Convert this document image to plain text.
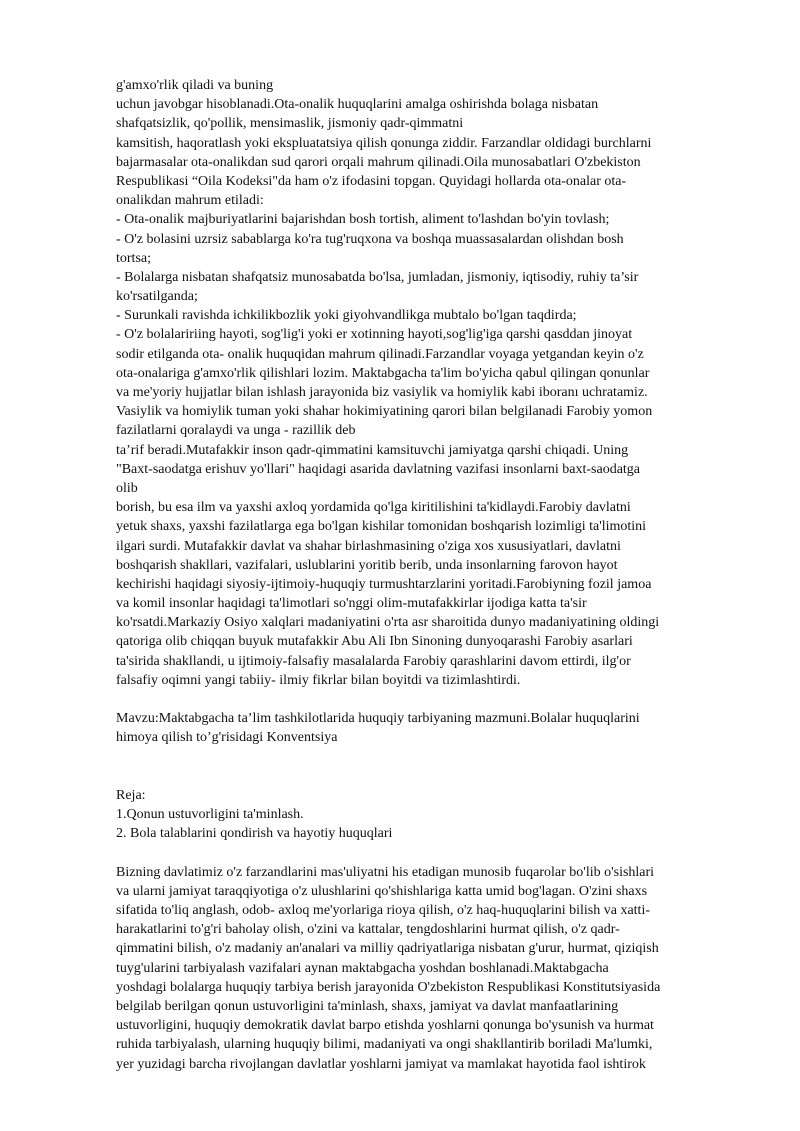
g'amxo'rlik qiladi va buning
uchun javobgar hisoblanadi.Ota-onalik huquqlarini amalga oshirishda bolaga nisbatan
shafqatsizlik, qo'pollik, mensimaslik, jismoniy qadr-qimmatni
kamsitish, haqoratlash yoki ekspluatatsiya qilish qonunga zid​dir. Farzandlar oldidagi burchlarni
bajarmasalar ota-onalikdan sud qarori orqali mahrum qilinadi.Oila munosabatlari O'zbekiston
Respublikasi “Oila Kodeksi"da ham o'z ifodasini topgan. Quyidagi hollarda ota-onalar ota-
onalikdan mahrum etiladi:
- Ota-onalik majburiyatlarini bajarishdan bosh tortish, aliment to'lashdan bo'yin tovlash;
- O'z bolasini uzrsiz sabablarga ko'ra tug'ruqxona va boshqa muassasalardan olishdan bosh
tortsa;
- Bolalarga nisbatan shafqatsiz munosabatda bo'lsa, jumladan, jismoniy, iqtisodiy, ruhiy ta’sir
ko'rsatilganda;
- Surunkali ravishda ichkilikbozlik yoki giyohvandlikga mubtalo bo'lgan taqdirda;
- O'z bolalaririing hayoti, sog'lig'i yoki er xotinning hayoti,sog'lig'iga qarshi qasddan jinoyat
sodir etilganda ota- onalik huquqidan mahrum qilinadi.Farzandlar voyaga yetgandan keyin o'z
ota-onalariga g'amxo'rlik qilishlari lozim. Maktabgacha ta'lim bo'yicha qabul qilingan qonunlar
va me'yoriy hujjatlar bilan ishlash jarayonida biz vasiylik va homiylik kabi iboranı uchratamiz.
Vasiylik va homiylik tuman yoki shahar hokimiyatining qarori bilan belgilanadi Farobiy yomon
fazilatlarni qoralaydi va unga - razillik deb
ta’rif beradi.Mutafakkir inson qadr-qimmatini kamsituvchi jamiyatga qarshi chiqadi. Uning
"Baxt-saodatga erishuv yo'llari" haqidagi asarida davlatning vazifasi insonlarni baxt-saodatga
olib
borish, bu esa ilm va yaxshi axloq yordamida qo'lga kiritilishini ta'kidlaydi.Farobiy davlatni
yetuk shaxs, yaxshi fazilatlarga ega bo'lgan kishilar tomonidan boshqarish lozimligi ta'limotini
ilgari surdi. Mutafakkir davlat va shahar birlashmasining o'ziga xos xususiyatlari, davlatni
boshqarish shakllari, vazifalari, uslublarini yoritib berib, unda insonlarning farovon hayot
kechirishi haqidagi siyosiy-ijtimoiy-huquqiy turmushtarzlarini yoritadi.Farobiyning fozil jamoa
va komil insonlar haqidagi ta'limotlari so'nggi olim-mutafakkirlar ijodiga katta ta'sir
ko'rsatdi.Markaziy Osiyo xalqlari madaniyatini o'rta asr sharoitida dunyo madaniyatining oldingi
qatoriga olib chiqqan buyuk mutafakkir Abu Ali Ibn Sinoning dunyoqarashi Farobiy asarlari
ta'sirida shakllandi, u ijtimoiy-falsafiy masalalarda Farobiy qarashlarini davom ettirdi, ilg'or
falsafiy oqimni yangi tabiiy- ilmiy fikrlar bilan boyitdi va tizimlashtirdi.
Mavzu:Maktabgacha ta’lim tashkilotlarida huquqiy tarbiyaning mazmuni.Bolalar huquqlarini
himoya qilish to’g'risidagi Konventsiya
Reja:
1.Qonun ustuvorligini ta'minlash.
2. Bola talablarini qondirish va hayotiy huquqlari
Bizning davlatimiz o'z farzandlarini mas'uliyatni his etadigan munosib fuqarolar bo'lib o'sishlari
va ularni jamiyat taraqqiyotiga o'z ulushlarini qo'shishlariga katta umid bog'lagan. O'zini shaxs
sifatida to'liq anglash, odob- axloq me'yorlariga rioya qilish, o'z haq-huquqlarini bilish va xatti-
harakatlarini to'g'ri baholay olish, o'zini va kattalar, tengdoshlarini hurmat qilish, o'z qadr-
qimmatini bilish, o'z madaniy an'analari va milliy qadriyatlariga nisbatan g'urur, hurmat, qiziqish
tuyg'ularini tarbiyalash vazifalari aynan maktabgacha yoshdan boshlanadi.Maktabgacha
yoshdagi bolalarga huquqiy tarbiya berish jarayonida O'zbekiston Respublikasi Konstitutsiyasida
belgilab berilgan qonun ustuvorligini ta'minlash, shaxs, jamiyat va davlat manfaatlarining
ustuvorligini, huquqiy demokratik davlat barpo etishda yoshlarni qonunga bo'ysunish va hurmat
ruhida tarbiyalash, ularning huquqiy bilimi, madaniyati va ongi shakllantirib boriladi Ma'lumki,
yer yuzidagi barcha rivojlangan davlatlar yoshlarni jamiyat va mamlakat hayotida faol ishtirok
